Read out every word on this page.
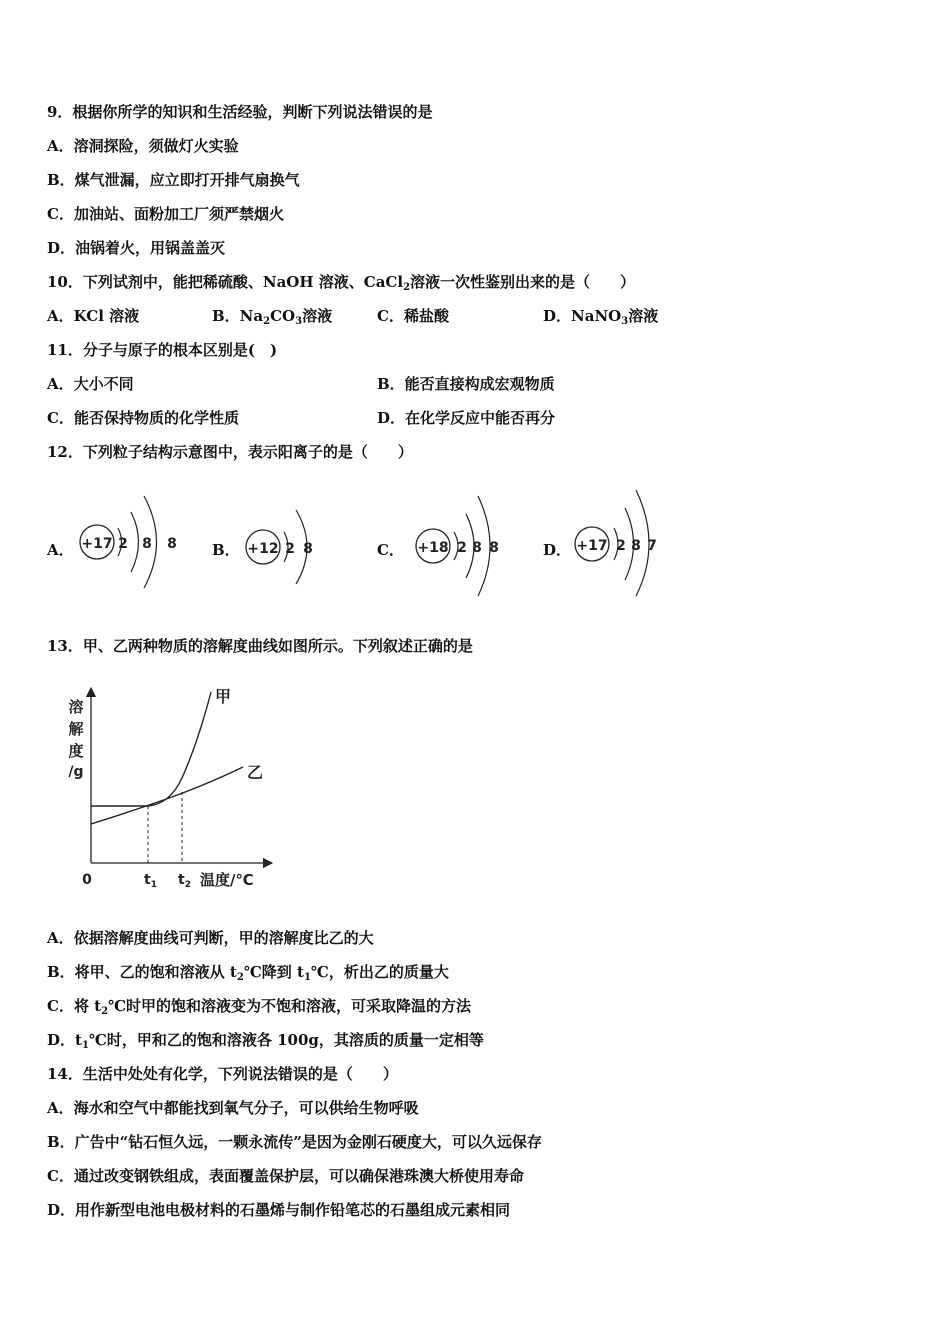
9．根据你所学的知识和生活经验，判断下列说法错误的是
A．溶洞探险，须做灯火实验
B．煤气泄漏，应立即打开排气扇换气
C．加油站、面粉加工厂须严禁烟火
D．油锅着火，用锅盖盖灭
10．下列试剂中，能把稀硫酸、NaOH 溶液、CaCl$_2$溶液一次性鉴别出来的是（　　）
A．KCl 溶液	B．$Na_2CO_3$溶液	C．稀盐酸	D．NaNO$_3$溶液
11．分子与原子的根本区别是(　)
A．大小不同	B．能否直接构成宏观物质
C．能否保持物质的化学性质	D．在化学反应中能否再分
12．下列粒子结构示意图中，表示阳离子的是（　　）
A． +17 2 8 8 B． +12 2 8	C． +18 2 8 8	D． +17 2 8 7
13．甲、乙两种物质的溶解度曲线如图所示。下列叙述正确的是
溶
解
度
/g
甲
乙
0	$t_1$ $t_2$ 温度/℃
A．依据溶解度曲线可判断，甲的溶解度比乙的大
B．将甲、乙的饱和溶液从 $t_2℃$降到 $t_1℃$，析出乙的质量大
C．将 $t_2℃$时甲的饱和溶液变为不饱和溶液，可采取降温的方法
D．$t_1℃$时，甲和乙的饱和溶液各 100g，其溶质的质量一定相等
14．生活中处处有化学，下列说法错误的是（　　）
A．海水和空气中都能找到氧气分子，可以供给生物呼吸
B．广告中“钻石恒久远，一颗永流传”是因为金刚石硬度大，可以久远保存
C．通过改变钢铁组成，表面覆盖保护层，可以确保港珠澳大桥使用寿命
D．用作新型电池电极材料的石墨烯与制作铅笔芯的石墨组成元素相同
